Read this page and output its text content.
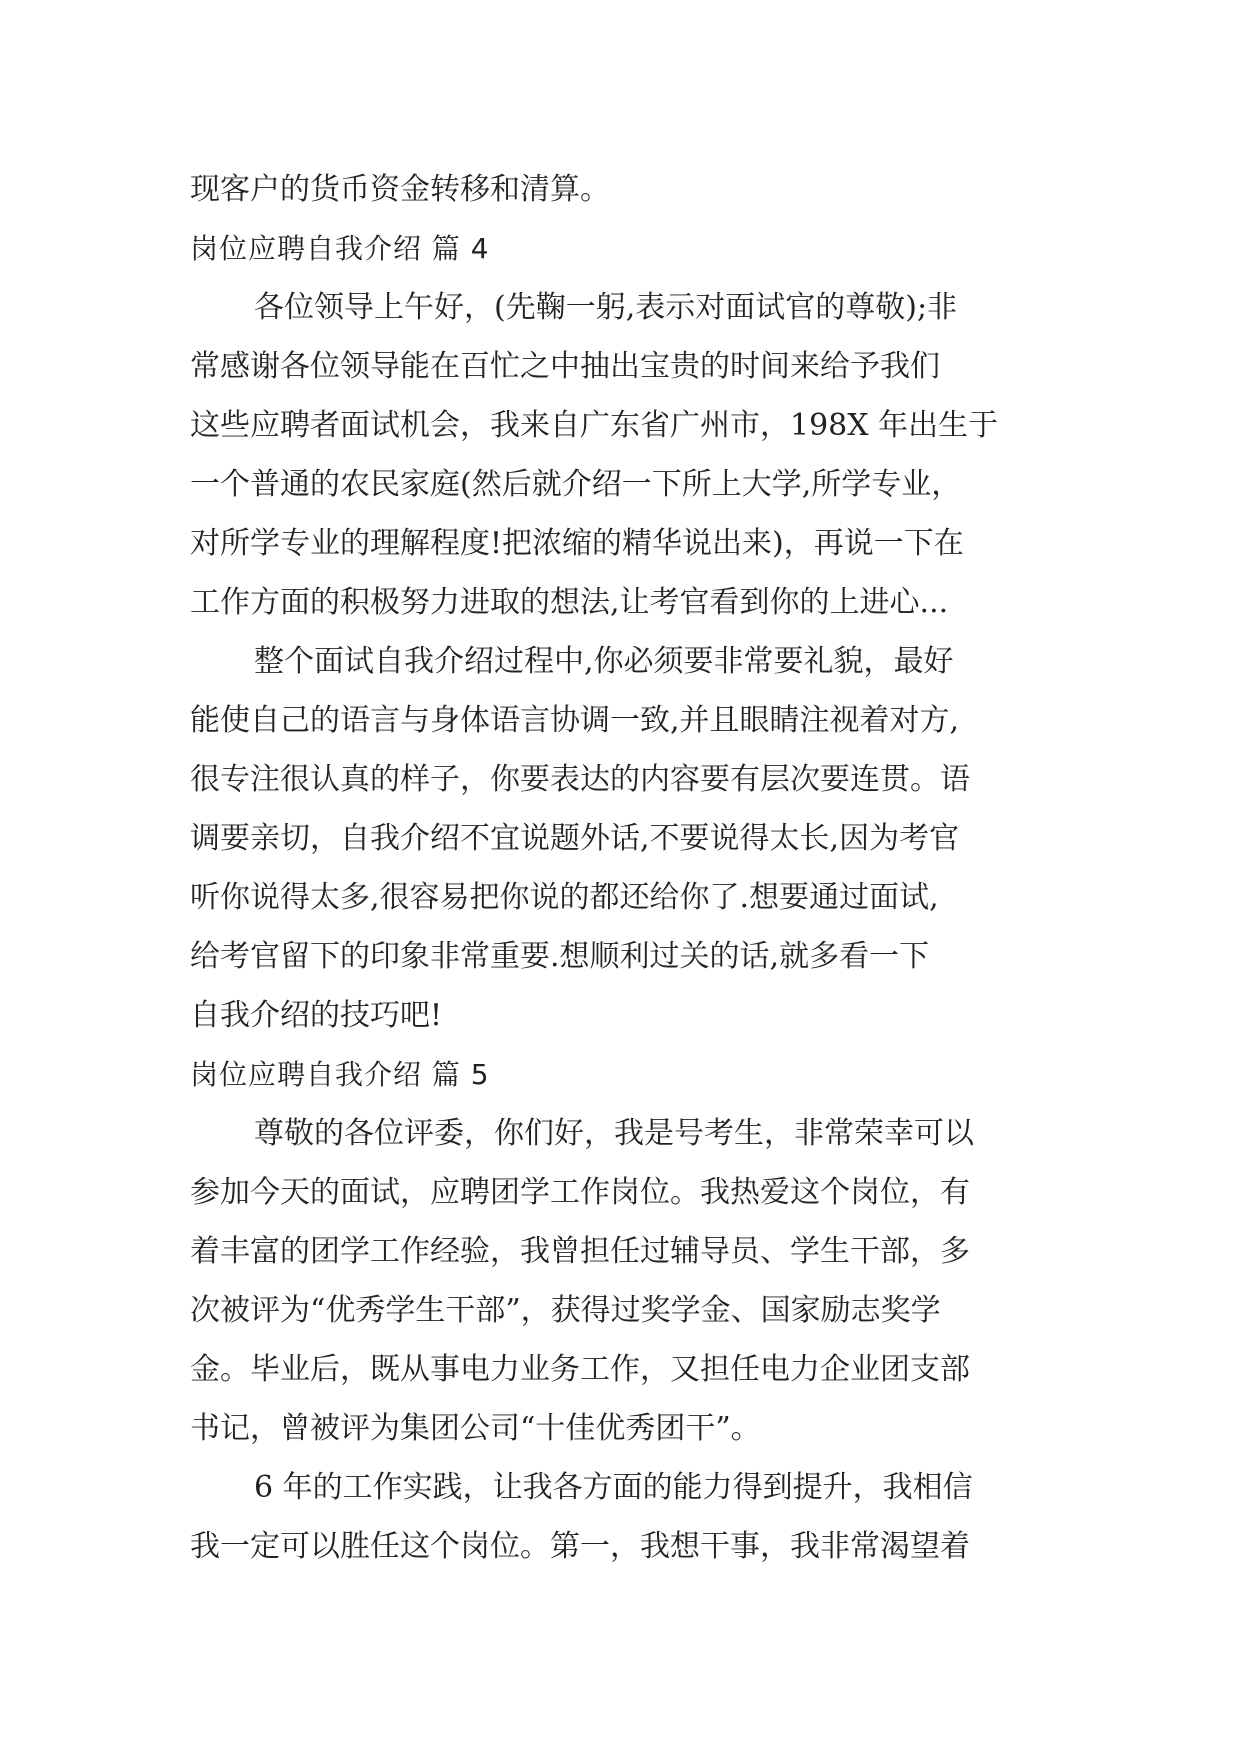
现客户的货币资金转移和清算。
岗位应聘自我介绍 篇 4
各位领导上午好，(先鞠一躬,表示对面试官的尊敬);非
常感谢各位领导能在百忙之中抽出宝贵的时间来给予我们
这些应聘者面试机会，我来自广东省广州市，198X 年出生于
一个普通的农民家庭(然后就介绍一下所上大学,所学专业，
对所学专业的理解程度!把浓缩的精华说出来)，再说一下在
工作方面的积极努力进取的想法,让考官看到你的上进心...
整个面试自我介绍过程中,你必须要非常要礼貌，最好
能使自己的语言与身体语言协调一致,并且眼睛注视着对方,
很专注很认真的样子，你要表达的内容要有层次要连贯。语
调要亲切，自我介绍不宜说题外话,不要说得太长,因为考官
听你说得太多,很容易把你说的都还给你了.想要通过面试,
给考官留下的印象非常重要.想顺利过关的话,就多看一下
自我介绍的技巧吧!
岗位应聘自我介绍 篇 5
尊敬的各位评委，你们好，我是号考生，非常荣幸可以
参加今天的面试，应聘团学工作岗位。我热爱这个岗位，有
着丰富的团学工作经验，我曾担任过辅导员、学生干部，多
次被评为“优秀学生干部”，获得过奖学金、国家励志奖学
金。毕业后，既从事电力业务工作，又担任电力企业团支部
书记，曾被评为集团公司“十佳优秀团干”。
6 年的工作实践，让我各方面的能力得到提升，我相信
我一定可以胜任这个岗位。第一，我想干事，我非常渴望着
